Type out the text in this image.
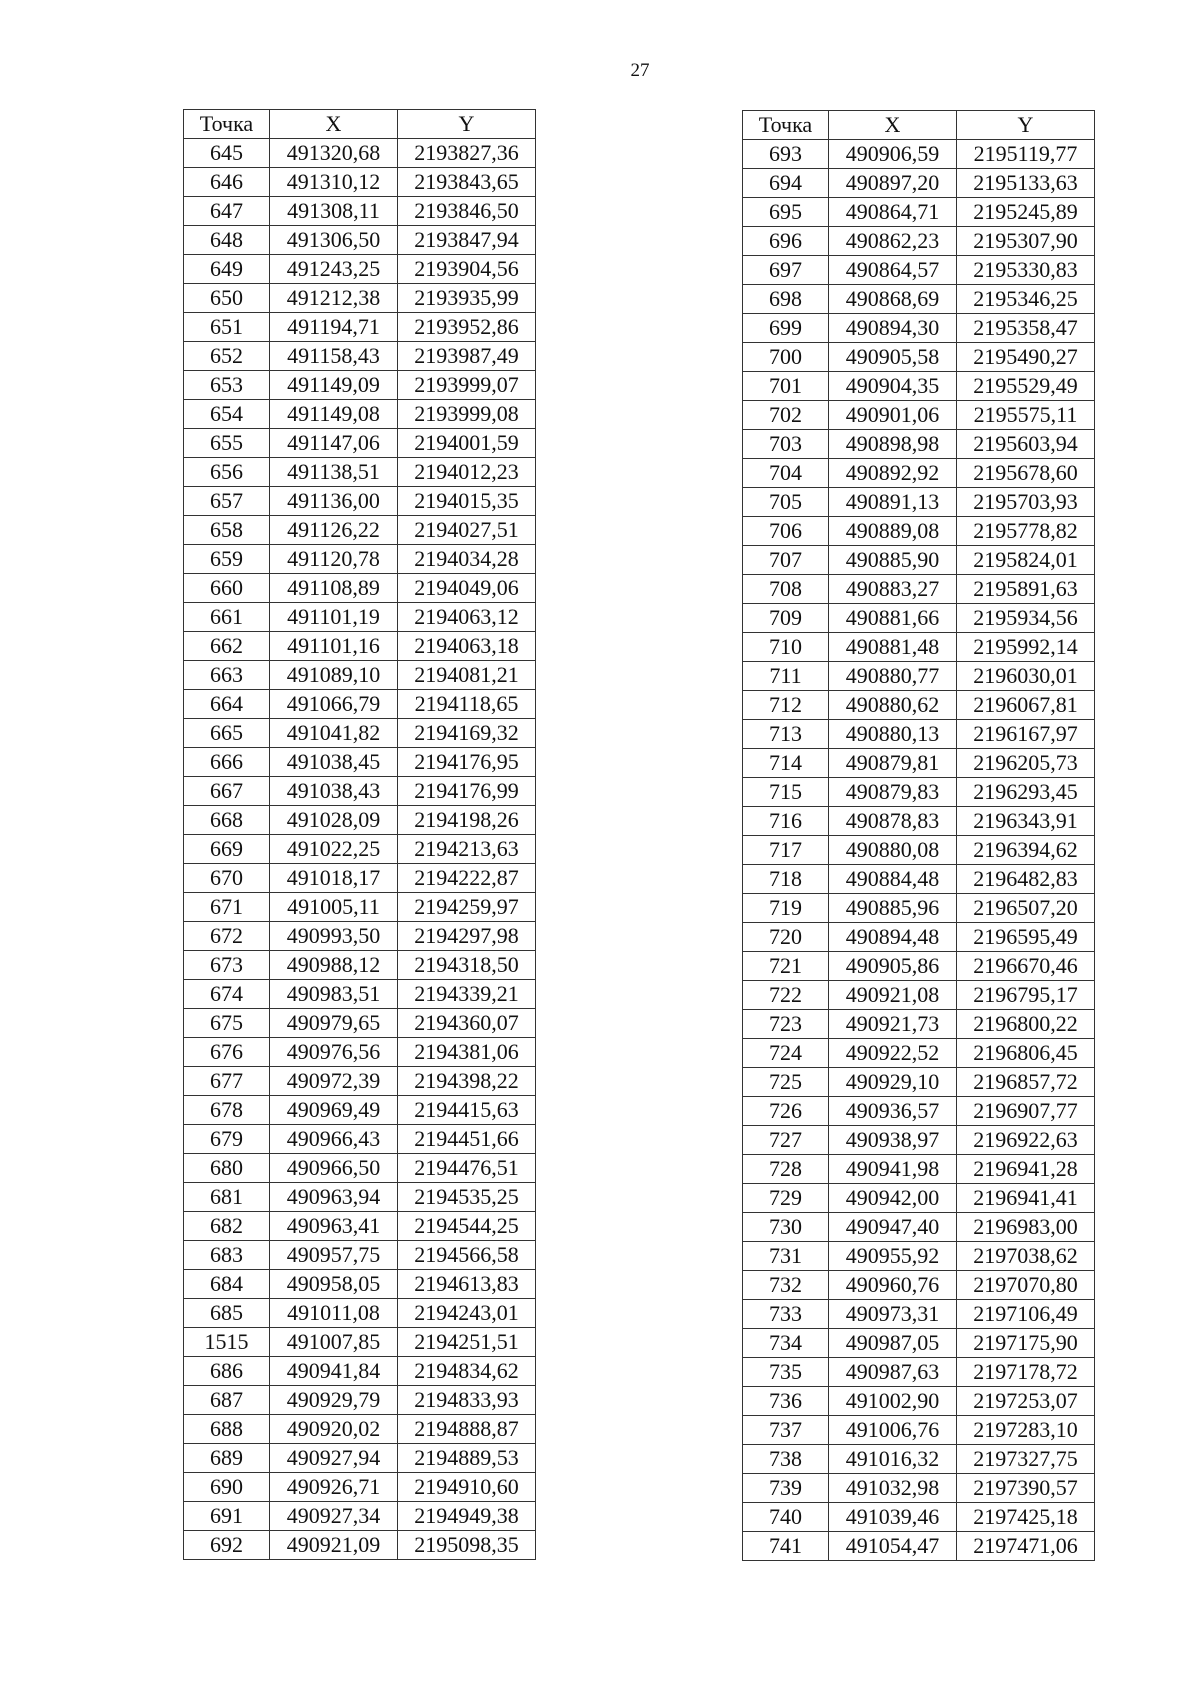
27
Точка	X	Y
645	491320,68	2193827,36
646	491310,12	2193843,65
647	491308,11	2193846,50
648	491306,50	2193847,94
649	491243,25	2193904,56
650	491212,38	2193935,99
651	491194,71	2193952,86
652	491158,43	2193987,49
653	491149,09	2193999,07
654	491149,08	2193999,08
655	491147,06	2194001,59
656	491138,51	2194012,23
657	491136,00	2194015,35
658	491126,22	2194027,51
659	491120,78	2194034,28
660	491108,89	2194049,06
661	491101,19	2194063,12
662	491101,16	2194063,18
663	491089,10	2194081,21
664	491066,79	2194118,65
665	491041,82	2194169,32
666	491038,45	2194176,95
667	491038,43	2194176,99
668	491028,09	2194198,26
669	491022,25	2194213,63
670	491018,17	2194222,87
671	491005,11	2194259,97
672	490993,50	2194297,98
673	490988,12	2194318,50
674	490983,51	2194339,21
675	490979,65	2194360,07
676	490976,56	2194381,06
677	490972,39	2194398,22
678	490969,49	2194415,63
679	490966,43	2194451,66
680	490966,50	2194476,51
681	490963,94	2194535,25
682	490963,41	2194544,25
683	490957,75	2194566,58
684	490958,05	2194613,83
685	491011,08	2194243,01
1515	491007,85	2194251,51
686	490941,84	2194834,62
687	490929,79	2194833,93
688	490920,02	2194888,87
689	490927,94	2194889,53
690	490926,71	2194910,60
691	490927,34	2194949,38
692	490921,09	2195098,35
Точка	X	Y
693	490906,59	2195119,77
694	490897,20	2195133,63
695	490864,71	2195245,89
696	490862,23	2195307,90
697	490864,57	2195330,83
698	490868,69	2195346,25
699	490894,30	2195358,47
700	490905,58	2195490,27
701	490904,35	2195529,49
702	490901,06	2195575,11
703	490898,98	2195603,94
704	490892,92	2195678,60
705	490891,13	2195703,93
706	490889,08	2195778,82
707	490885,90	2195824,01
708	490883,27	2195891,63
709	490881,66	2195934,56
710	490881,48	2195992,14
711	490880,77	2196030,01
712	490880,62	2196067,81
713	490880,13	2196167,97
714	490879,81	2196205,73
715	490879,83	2196293,45
716	490878,83	2196343,91
717	490880,08	2196394,62
718	490884,48	2196482,83
719	490885,96	2196507,20
720	490894,48	2196595,49
721	490905,86	2196670,46
722	490921,08	2196795,17
723	490921,73	2196800,22
724	490922,52	2196806,45
725	490929,10	2196857,72
726	490936,57	2196907,77
727	490938,97	2196922,63
728	490941,98	2196941,28
729	490942,00	2196941,41
730	490947,40	2196983,00
731	490955,92	2197038,62
732	490960,76	2197070,80
733	490973,31	2197106,49
734	490987,05	2197175,90
735	490987,63	2197178,72
736	491002,90	2197253,07
737	491006,76	2197283,10
738	491016,32	2197327,75
739	491032,98	2197390,57
740	491039,46	2197425,18
741	491054,47	2197471,06
